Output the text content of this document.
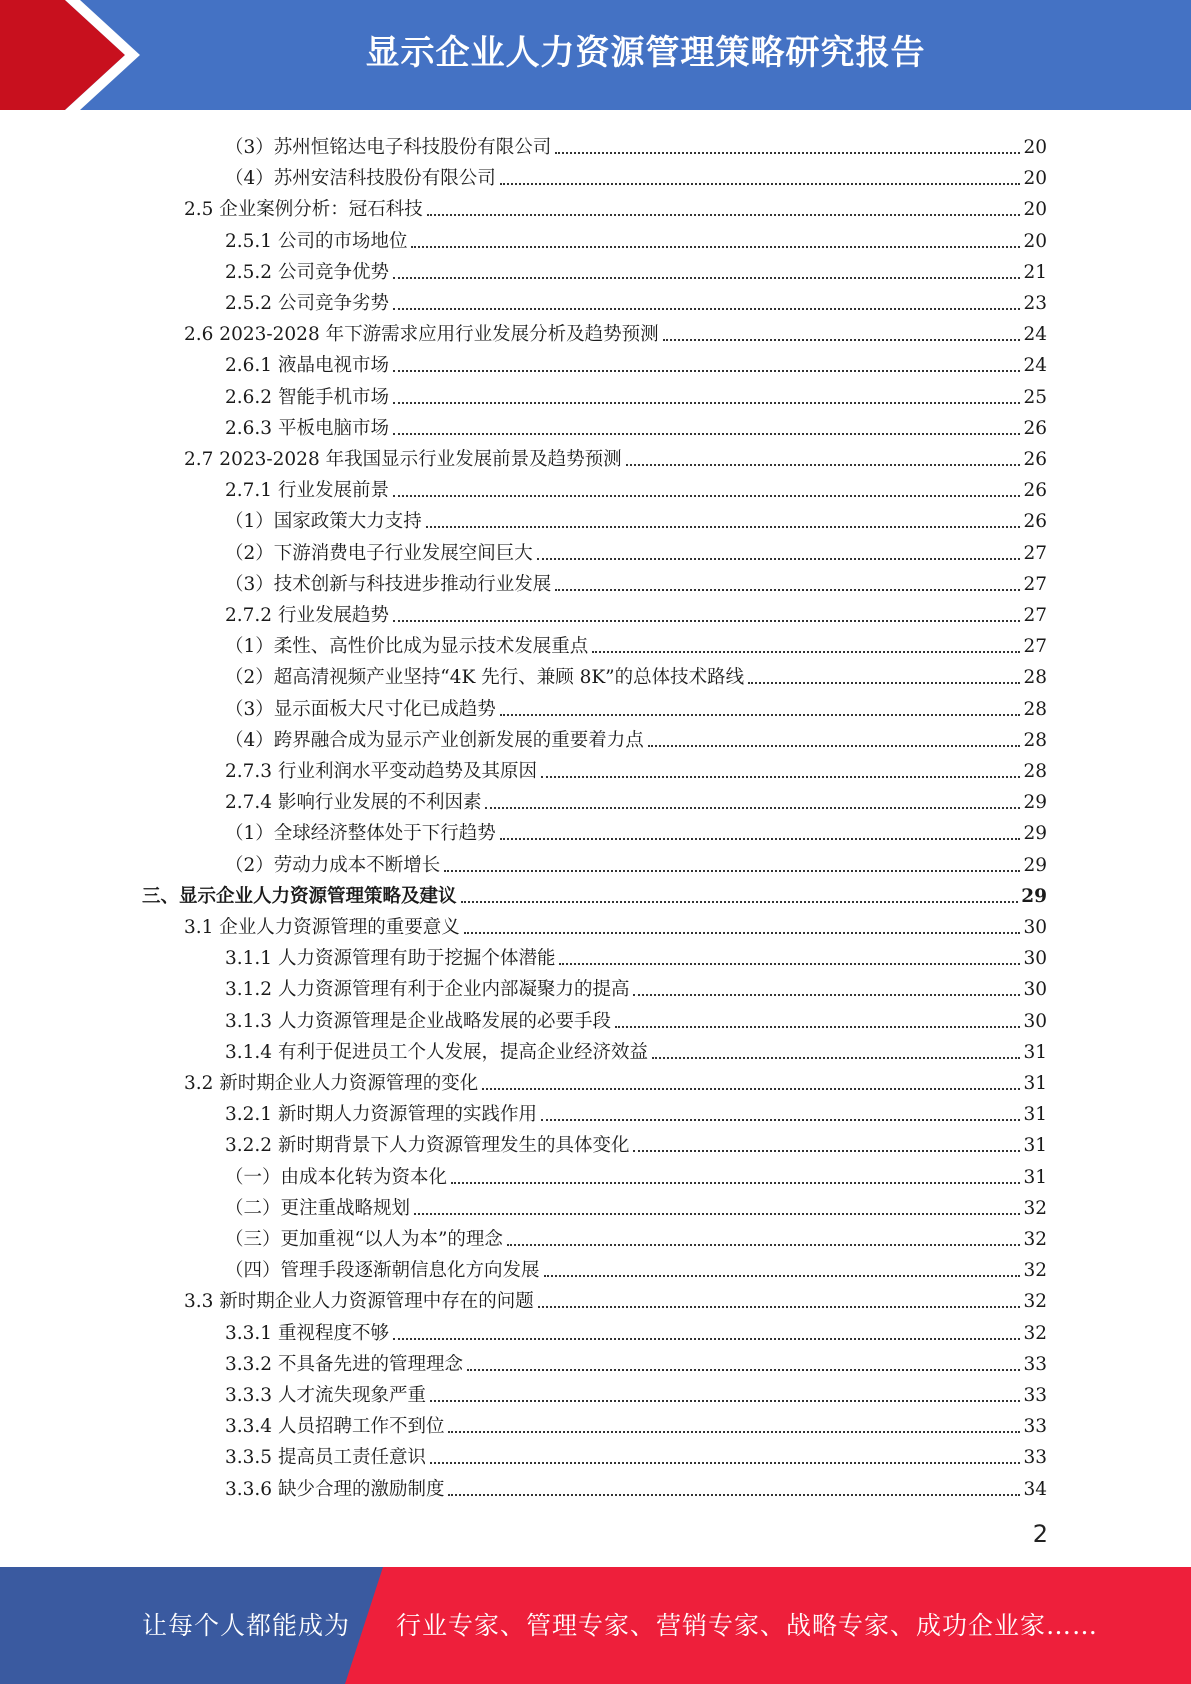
显示企业人力资源管理策略研究报告
（3）苏州恒铭达电子科技股份有限公司	20
（4）苏州安洁科技股份有限公司	20
2.5 企业案例分析：冠石科技	20
2.5.1 公司的市场地位	20
2.5.2 公司竞争优势	21
2.5.2 公司竞争劣势	23
2.6 2023-2028 年下游需求应用行业发展分析及趋势预测	24
2.6.1 液晶电视市场	24
2.6.2 智能手机市场	25
2.6.3 平板电脑市场	26
2.7 2023-2028 年我国显示行业发展前景及趋势预测	26
2.7.1 行业发展前景	26
（1）国家政策大力支持	26
（2）下游消费电子行业发展空间巨大	27
（3）技术创新与科技进步推动行业发展	27
2.7.2 行业发展趋势	27
（1）柔性、高性价比成为显示技术发展重点	27
（2）超高清视频产业坚持“4K 先行、兼顾 8K”的总体技术路线	28
（3）显示面板大尺寸化已成趋势	28
（4）跨界融合成为显示产业创新发展的重要着力点	28
2.7.3 行业利润水平变动趋势及其原因	28
2.7.4 影响行业发展的不利因素	29
（1）全球经济整体处于下行趋势	29
（2）劳动力成本不断增长	29
三、显示企业人力资源管理策略及建议	29
3.1 企业人力资源管理的重要意义	30
3.1.1 人力资源管理有助于挖掘个体潜能	30
3.1.2 人力资源管理有利于企业内部凝聚力的提高	30
3.1.3 人力资源管理是企业战略发展的必要手段	30
3.1.4 有利于促进员工个人发展，提高企业经济效益	31
3.2 新时期企业人力资源管理的变化	31
3.2.1 新时期人力资源管理的实践作用	31
3.2.2 新时期背景下人力资源管理发生的具体变化	31
（一）由成本化转为资本化	31
（二）更注重战略规划	32
（三）更加重视“以人为本”的理念	32
（四）管理手段逐渐朝信息化方向发展	32
3.3 新时期企业人力资源管理中存在的问题	32
3.3.1 重视程度不够	32
3.3.2 不具备先进的管理理念	33
3.3.3 人才流失现象严重	33
3.3.4 人员招聘工作不到位	33
3.3.5 提高员工责任意识	33
3.3.6 缺少合理的激励制度	34
2
让每个人都能成为 行业专家、管理专家、营销专家、战略专家、成功企业家……
